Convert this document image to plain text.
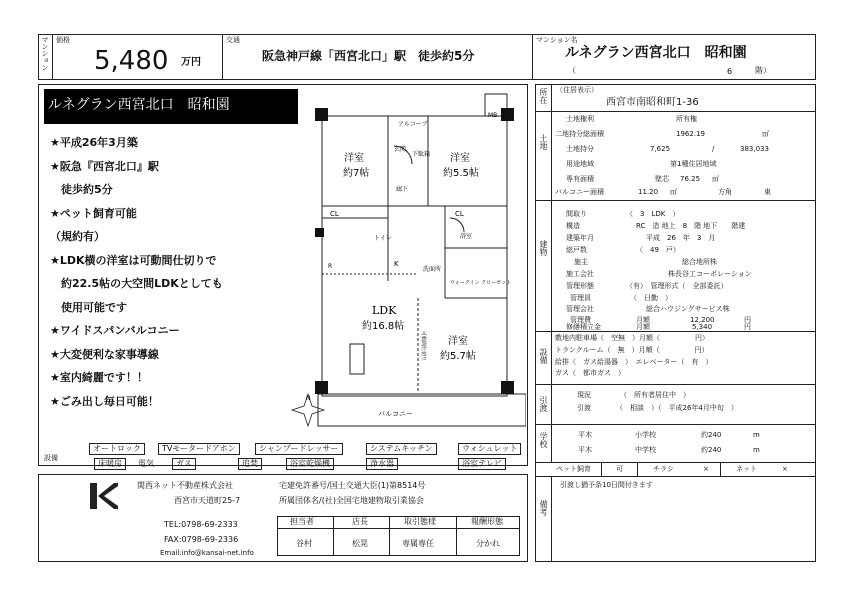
マンション 価格
5,480 万円
交通
阪急神戸線「西宮北口」駅　徒歩約5分
マンション名
ルネグラン西宮北口　昭和園
（	6	階）
ルネグラン西宮北口　昭和園
★平成26年3月築
★阪急『西宮北口』駅
　徒歩約5分
★ペット飼育可能
（規約有）
★LDK横の洋室は可動間仕切りで
　約22.5帖の大空間LDKとしても
　使用可能です
★ワイドスパンバルコニー
★大変便利な家事導線
★室内綺麗です！！
★ごみ出し毎日可能！
洋室
約7帖
洋室
約5.5帖
LDK
約16.8帖
洋室
約5.7帖
バルコニー
アルコーブ
MB
玄関
下駄箱
廊下
CL	CL
トイレ
洗面所
浴室
K
ウォークイン クローゼット
可動間仕切り
R
N
設備
オートロック	TVモータードアホン	シャンプードレッサー	システムキッチン	ウォシュレット
床暖房	電気	ガス	追焚	浴室乾燥機	浄水器	浴室テレビ
関西ネット不動産株式会社
西宮市天道町25-7
TEL:0798-69-2333
FAX:0798-69-2336
Email:info@kansai-net.info
宅建免許番号/国土交通大臣(1)第8514号
所属団体名/(社)全国宅地建物取引業協会
担当者	店長	取引態様	報酬形態
谷村	松晃	専属専任	分かれ
所在 （住居表示）
西宮市南昭和町1-36
土地
土地権利	所有権
二地持分総面積	1962.19	㎡
土地持分	7,625	/	383,033
用途地域	第1種住居地域
専有面積	壁芯 76.25 ㎡
バルコニー面積	11.20 ㎡	方角	東
建物
間取り	（　3　LDK　）
構造	RC　造 地上　8　階 地下　　階建
建築年月	平成　26　年　3　月
総戸数	（　49　戸）
施主	総合地所株
施工会社	株長谷工コーポレーション
管理形態	（有）　管理形式（　全部委託）
管理員	（　日勤　）
管理会社	総合ハウジングサービス株
管理費	月額	12,200	円
修繕積立金	月額	5,340	円
設備
敷地内駐車場（　空無　）月額（　　　　　円）
トランクルーム（　無　）月額（　　　　　円）
給排（　ガス給湯器　）　エレベーター（　有　）
ガス（　都市ガス　）
引渡
現況	（　所有者居住中　）
引渡	（　相談　）（　平成26年4月中旬　）
学校	平木	小学校	約240	m
平木	中学校	約240	m
ペット飼育	可	チラシ	×	ネット	×
備考
引渡し猶予条10日間付きます
